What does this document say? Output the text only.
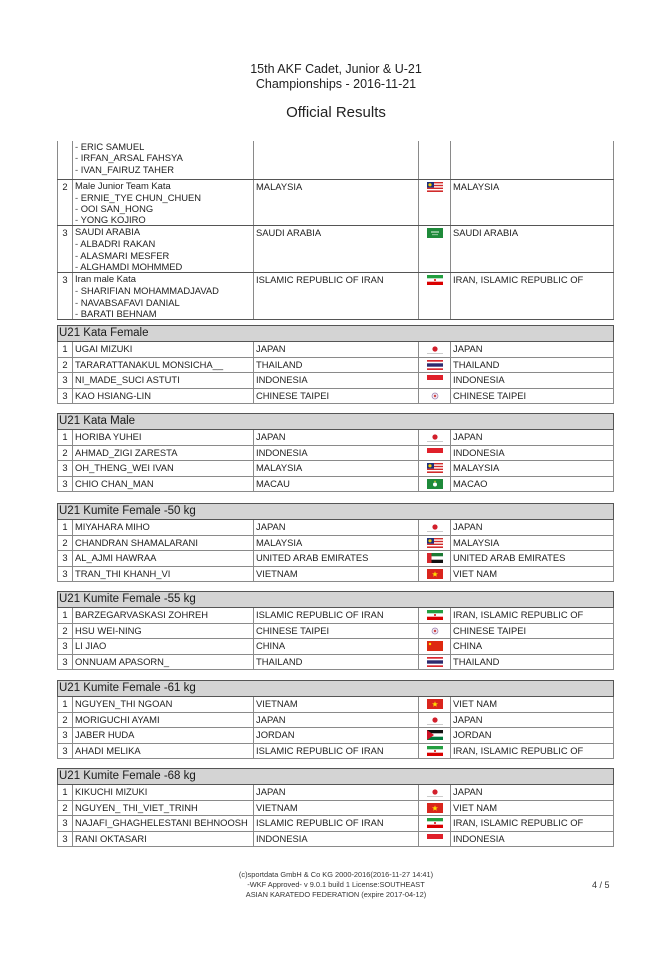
15th AKF Cadet, Junior & U-21
Championships - 2016-11-21
Official Results

	- ERIC SAMUEL
- IRFAN_ARSAL FAHSYA
- IVAN_FAIRUZ TAHER

2	Male Junior Team Kata
- ERNIE_TYE CHUN_CHUEN
- OOI SAN_HONG
- YONG KOJIRO	MALAYSIA		MALAYSIA
3	SAUDI ARABIA
- ALBADRI RAKAN
- ALASMARI MESFER
- ALGHAMDI MOHMMED	SAUDI ARABIA		SAUDI ARABIA
3	Iran male Kata
- SHARIFIAN MOHAMMADJAVAD
- NAVABSAFAVI DANIAL
- BARATI BEHNAM	ISLAMIC REPUBLIC OF IRAN		IRAN, ISLAMIC REPUBLIC OF
U21 Kata Female				
1	UGAI MIZUKI	JAPAN		JAPAN
2	TARARATTANAKUL MONSICHA__	THAILAND		THAILAND
3	NI_MADE_SUCI ASTUTI	INDONESIA		INDONESIA
3	KAO HSIANG-LIN	CHINESE TAIPEI		CHINESE TAIPEI
U21 Kata Male				
1	HORIBA YUHEI	JAPAN		JAPAN
2	AHMAD_ZIGI ZARESTA	INDONESIA		INDONESIA
3	OH_THENG_WEI IVAN	MALAYSIA		MALAYSIA
3	CHIO CHAN_MAN	MACAU		MACAO
U21 Kumite Female -50 kg				
1	MIYAHARA MIHO	JAPAN		JAPAN
2	CHANDRAN SHAMALARANI	MALAYSIA		MALAYSIA
3	AL_AJMI HAWRAA	UNITED ARAB EMIRATES		UNITED ARAB EMIRATES
3	TRAN_THI KHANH_VI	VIETNAM		VIET NAM
U21 Kumite Female -55 kg				
1	BARZEGARVASKASI ZOHREH	ISLAMIC REPUBLIC OF IRAN		IRAN, ISLAMIC REPUBLIC OF
2	HSU WEI-NING	CHINESE TAIPEI		CHINESE TAIPEI
3	LI JIAO	CHINA		CHINA
3	ONNUAM APASORN_	THAILAND		THAILAND
U21 Kumite Female -61 kg				
1	NGUYEN_THI NGOAN	VIETNAM		VIET NAM
2	MORIGUCHI AYAMI	JAPAN		JAPAN
3	JABER HUDA	JORDAN		JORDAN
3	AHADI MELIKA	ISLAMIC REPUBLIC OF IRAN		IRAN, ISLAMIC REPUBLIC OF
U21 Kumite Female -68 kg				
1	KIKUCHI MIZUKI	JAPAN		JAPAN
2	NGUYEN_ THI_VIET_TRINH	VIETNAM		VIET NAM
3	NAJAFI_GHAGHELESTANI BEHNOOSH	ISLAMIC REPUBLIC OF IRAN		IRAN, ISLAMIC REPUBLIC OF
3	RANI OKTASARI	INDONESIA		INDONESIA
(c)sportdata GmbH & Co KG 2000-2016(2016-11-27 14:41)
-WKF Approved- v 9.0.1 build 1 License:SOUTHEAST
ASIAN KARATEDO FEDERATION (expire 2017-04-12)
4 / 5
